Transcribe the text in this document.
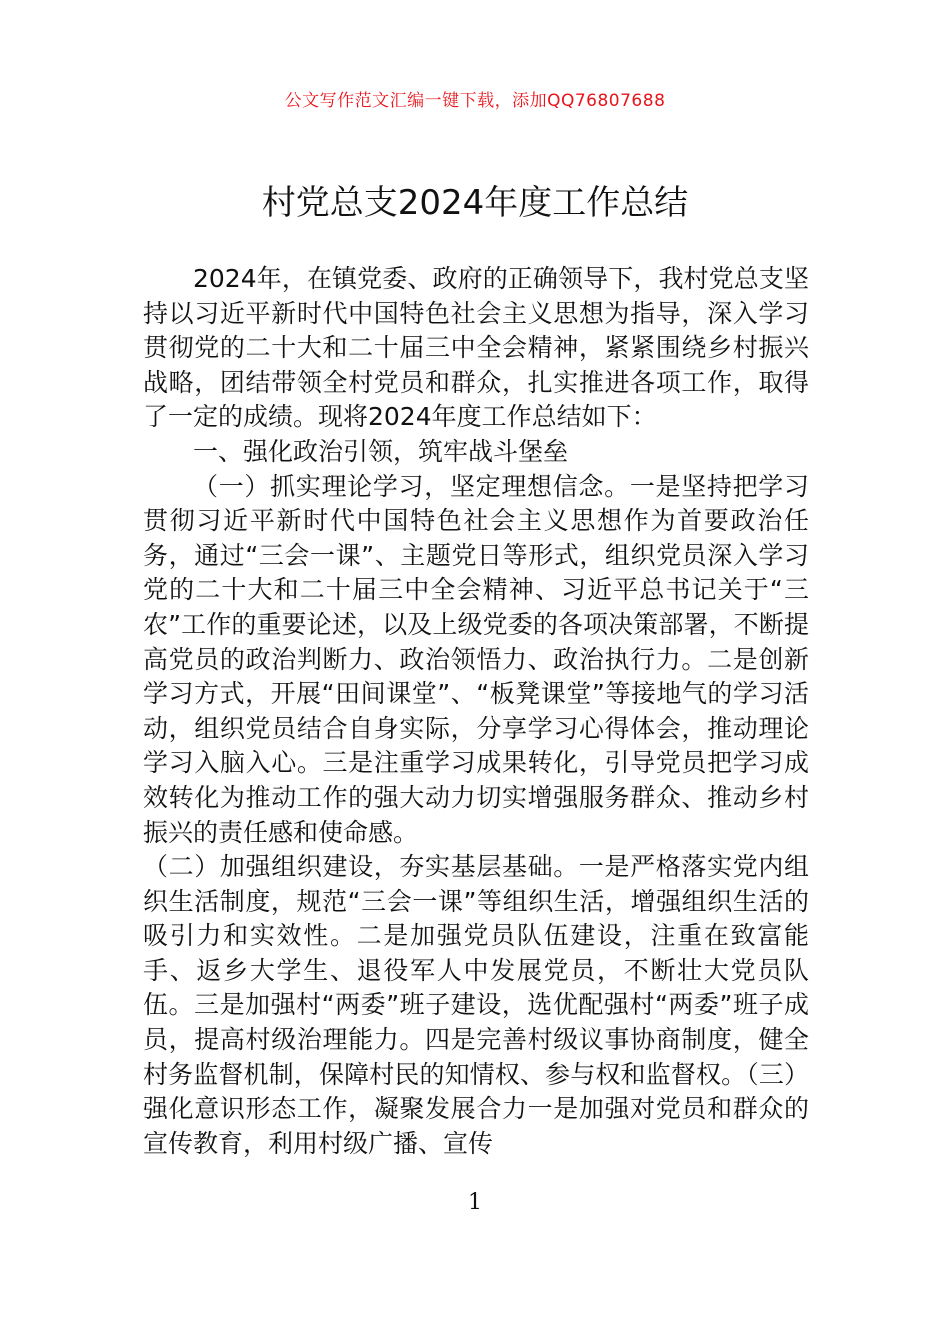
公文写作范文汇编一键下载，添加QQ76807688
村党总支2024年度工作总结

2024年，在镇党委、政府的正确领导下，我村党总支坚持以习近平新时代中国特色社会主义思想为指导，深入学习贯彻党的二十大和二十届三中全会精神，紧紧围绕乡村振兴战略，团结带领全村党员和群众，扎实推进各项工作，取得了一定的成绩。现将2024年度工作总结如下：

一、强化政治引领，筑牢战斗堡垒

（一）抓实理论学习，坚定理想信念。一是坚持把学习贯彻习近平新时代中国特色社会主义思想作为首要政治任务，通过“三会一课”、主题党日等形式，组织党员深入学习党的二十大和二十届三中全会精神、习近平总书记关于“三农”工作的重要论述，以及上级党委的各项决策部署，不断提高党员的政治判断力、政治领悟力、政治执行力。二是创新学习方式，开展“田间课堂”、“板凳课堂”等接地气的学习活动，组织党员结合自身实际，分享学习心得体会，推动理论学习入脑入心。三是注重学习成果转化，引导党员把学习成效转化为推动工作的强大动力切实增强服务群众、推动乡村振兴的责任感和使命感。

（二）加强组织建设，夯实基层基础。一是严格落实党内组织生活制度，规范“三会一课”等组织生活，增强组织生活的吸引力和实效性。二是加强党员队伍建设，注重在致富能手、返乡大学生、退役军人中发展党员，不断壮大党员队伍。三是加强村“两委”班子建设，选优配强村“两委”班子成员，提高村级治理能力。四是完善村级议事协商制度，健全村务监督机制，保障村民的知情权、参与权和监督权。（三）强化意识形态工作，凝聚发展合力一是加强对党员和群众的宣传教育，利用村级广播、宣传

1
